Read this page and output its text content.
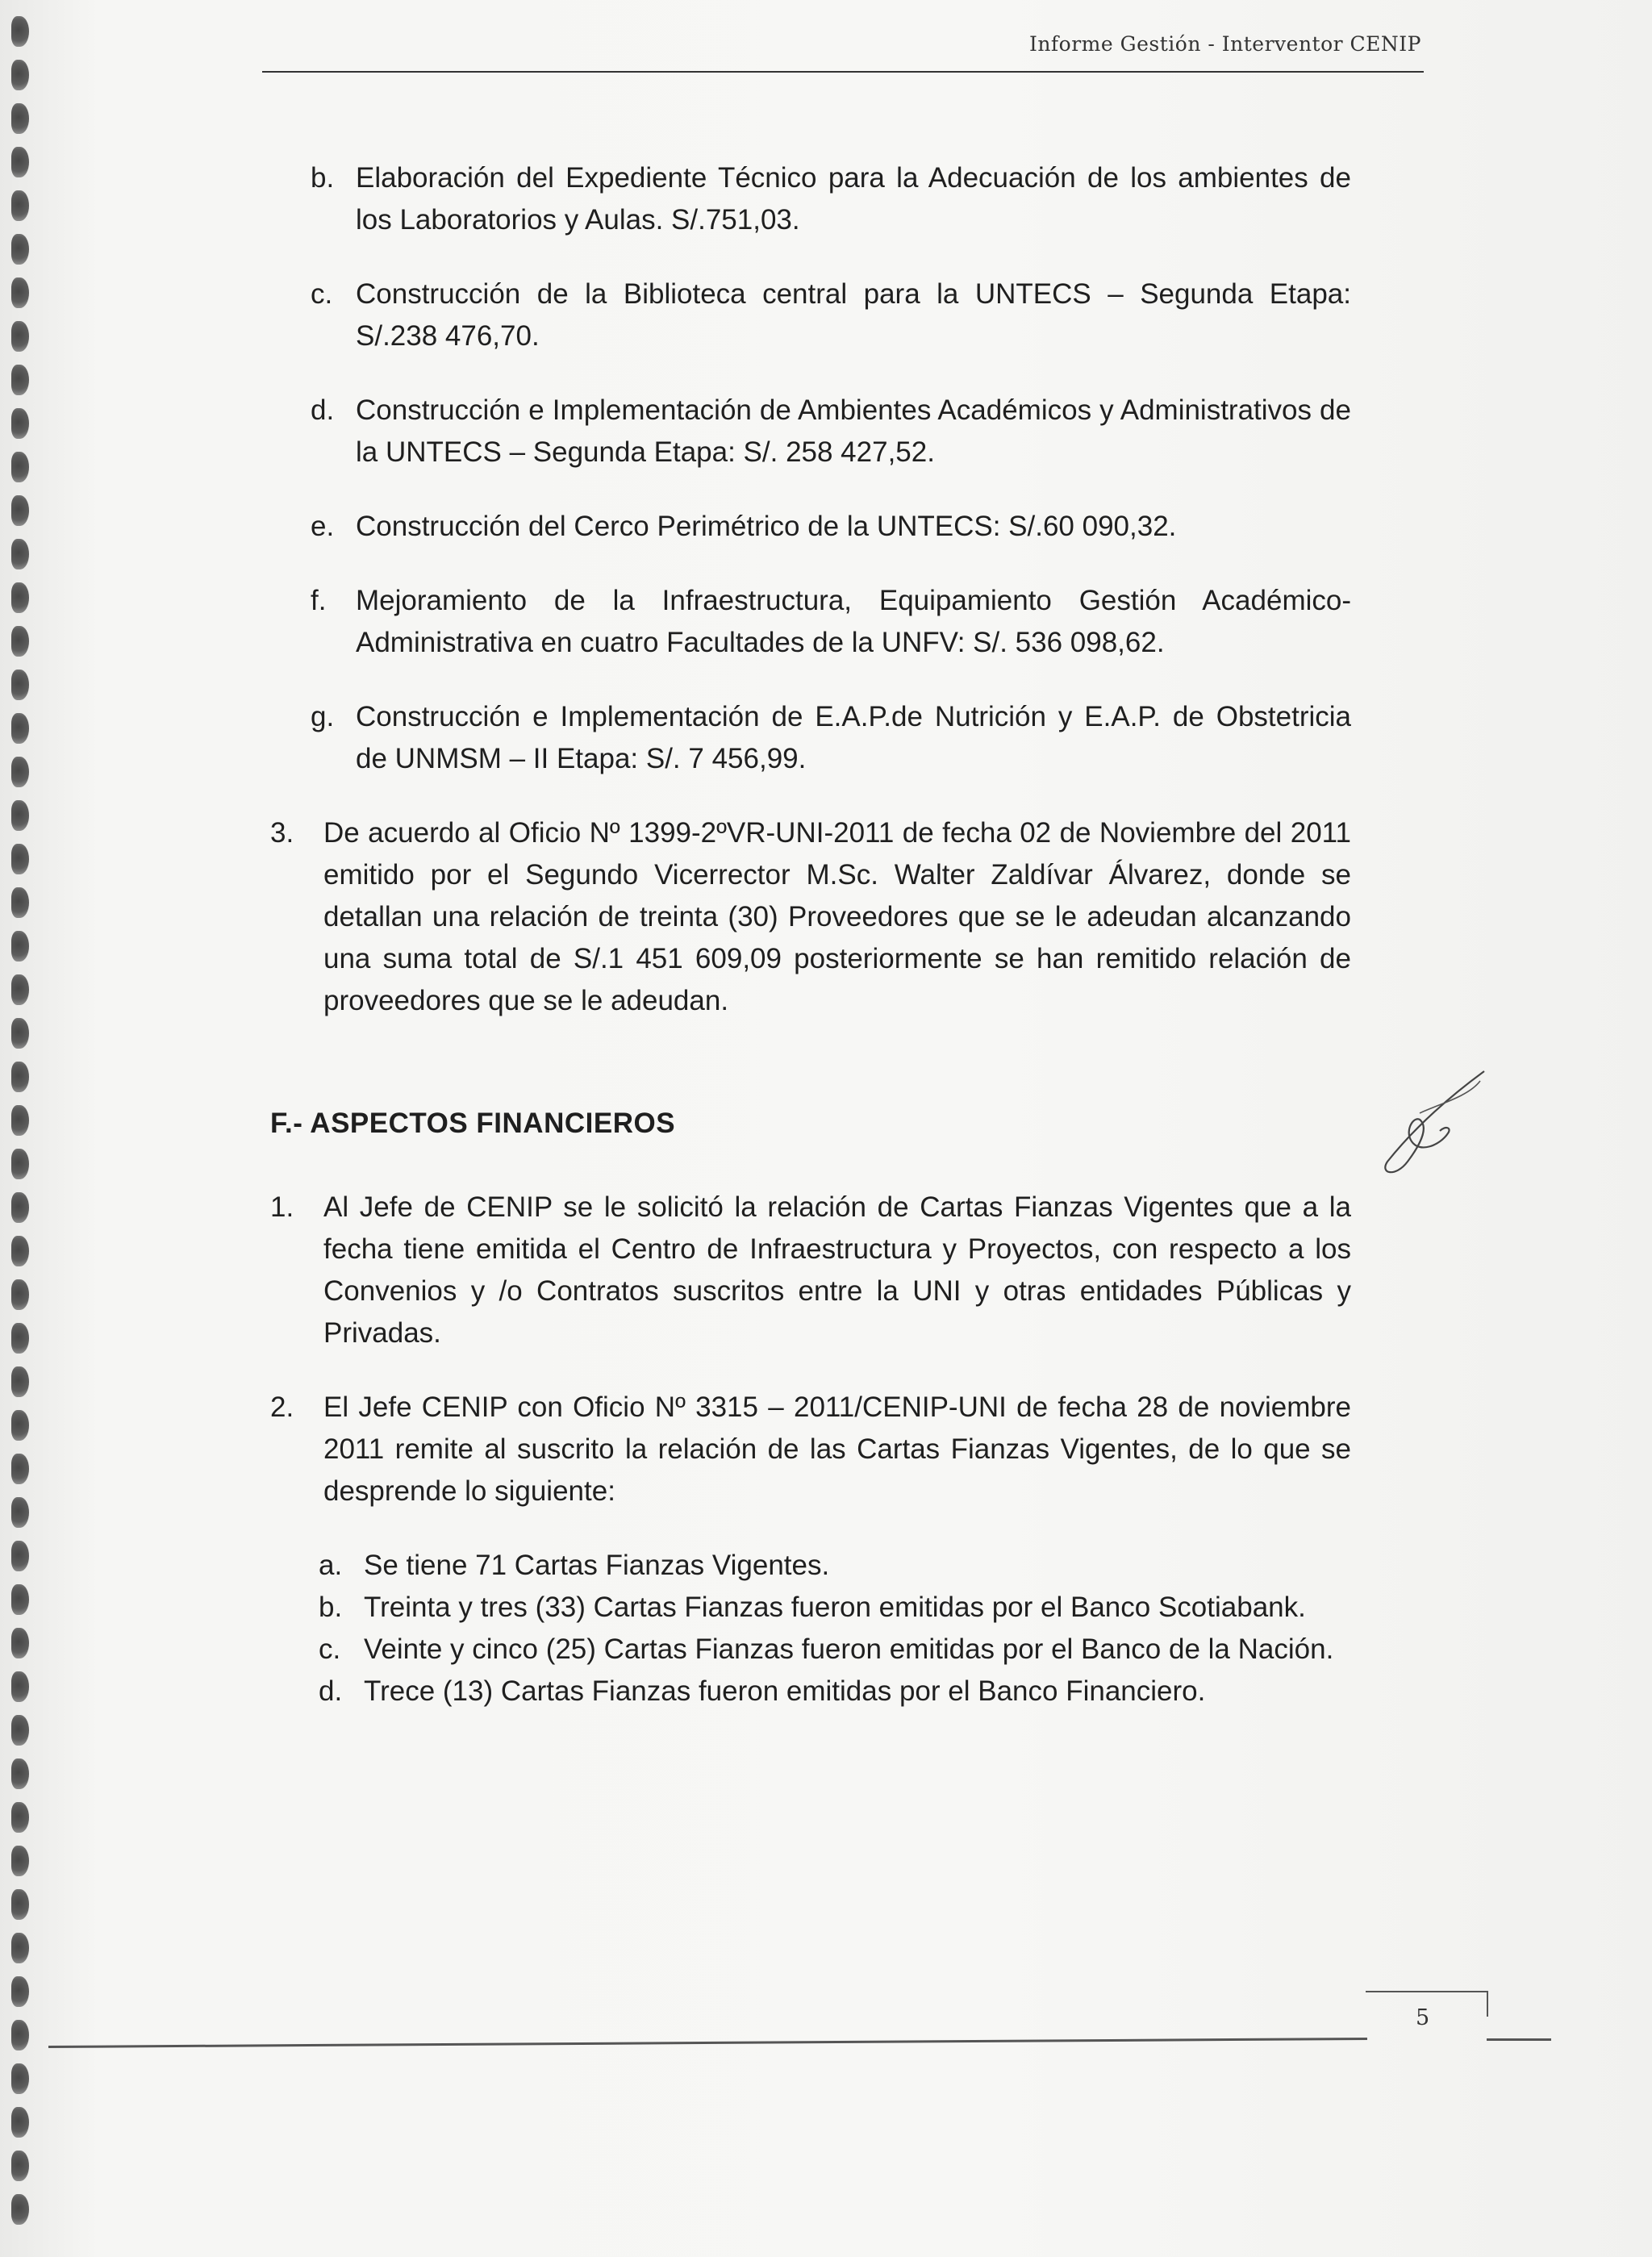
Informe Gestión - Interventor CENIP
b. Elaboración del Expediente Técnico para la Adecuación de los ambientes de los Laboratorios y Aulas. S/.751,03.
c. Construcción de la Biblioteca central para la UNTECS – Segunda Etapa: S/.238 476,70.
d. Construcción e Implementación de Ambientes Académicos y Administrativos de la UNTECS – Segunda Etapa: S/. 258 427,52.
e. Construcción del Cerco Perimétrico de la UNTECS: S/.60 090,32.
f.	Mejoramiento de la Infraestructura, Equipamiento Gestión Académico-Administrativa en cuatro Facultades de la UNFV: S/. 536 098,62.
g. Construcción e Implementación de E.A.P.de Nutrición y E.A.P. de Obstetricia de UNMSM – II Etapa: S/. 7 456,99.
3.	De acuerdo al Oficio Nº 1399-2ºVR-UNI-2011 de fecha 02 de Noviembre del 2011 emitido por el Segundo Vicerrector M.Sc. Walter Zaldívar Álvarez, donde se detallan una relación de treinta (30) Proveedores que se le adeudan alcanzando una suma total de S/.1 451 609,09 posteriormente se han remitido relación de proveedores que se le adeudan.
F.- ASPECTOS FINANCIEROS
1.	Al Jefe de CENIP se le solicitó la relación de Cartas Fianzas Vigentes que a la fecha tiene emitida el Centro de Infraestructura y Proyectos, con respecto a los Convenios y /o Contratos suscritos entre la UNI y otras entidades Públicas y Privadas.
2.	El Jefe CENIP con Oficio Nº 3315 – 2011/CENIP-UNI de fecha 28 de noviembre 2011 remite al suscrito la relación de las Cartas Fianzas Vigentes, de lo que se desprende lo siguiente:
a. Se tiene 71 Cartas Fianzas Vigentes.
b. Treinta y tres (33) Cartas Fianzas fueron emitidas por el Banco Scotiabank.
c. Veinte y cinco (25) Cartas Fianzas fueron emitidas por el Banco de la Nación.
d. Trece (13) Cartas Fianzas fueron emitidas por el Banco Financiero.
5
